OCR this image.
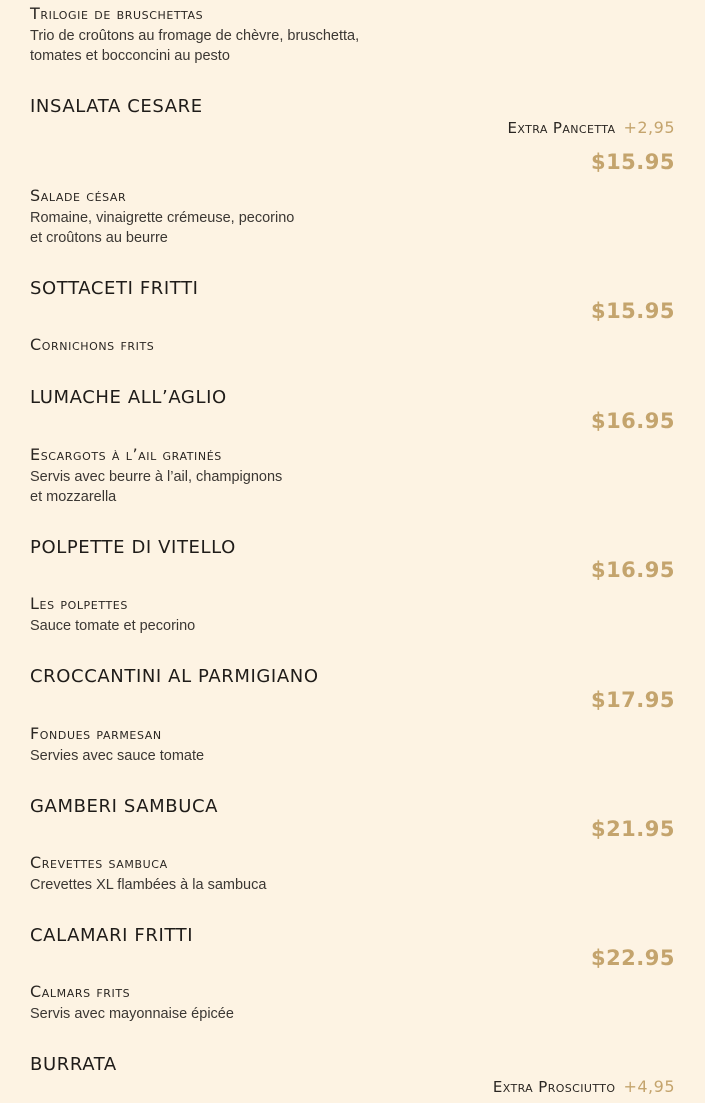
Trilogie de bruschettas
Trio de croûtons au fromage de chèvre, bruschetta,
tomates et bocconcini au pesto
INSALATA CESARE
Extra Pancetta +2,95
$15.95
Salade césar
Romaine, vinaigrette crémeuse, pecorino
et croûtons au beurre
SOTTACETI FRITTI
$15.95
Cornichons frits
LUMACHE ALL’AGLIO
$16.95
Escargots à l’ail gratinés
Servis avec beurre à l’ail, champignons
et mozzarella
POLPETTE DI VITELLO
$16.95
Les polpettes
Sauce tomate et pecorino
CROCCANTINI AL PARMIGIANO
$17.95
Fondues parmesan
Servies avec sauce tomate
GAMBERI SAMBUCA
$21.95
Crevettes sambuca
Crevettes XL flambées à la sambuca
CALAMARI FRITTI
$22.95
Calmars frits
Servis avec mayonnaise épicée
BURRATA
Extra Prosciutto +4,95
